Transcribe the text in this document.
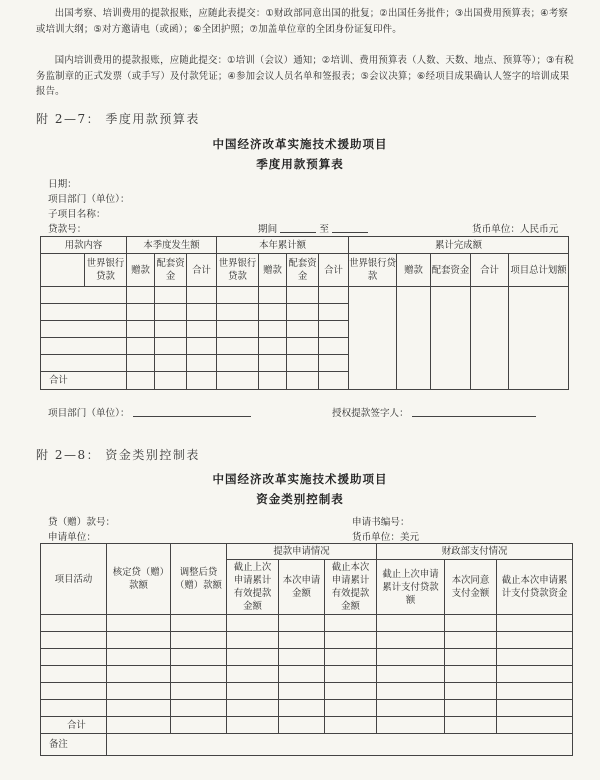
出国考察、培训费用的提款报账，应随此表提交：①财政部同意出国的批复；②出国任务批件；③出国费用预算表；④考察或培训大纲；⑤对方邀请电（或函）；⑥全团护照；⑦加盖单位章的全团身份证复印件。
国内培训费用的提款报账，应随此提交：①培训（会议）通知；②培训、费用预算表（人数、天数、地点、预算等）；③有税务监制章的正式发票（或手写）及付款凭证；④参加会议人员名单和签报表；⑤会议决算；⑥经项目成果确认人签字的培训成果报告。
附 2—7： 季度用款预算表
中国经济改革实施技术援助项目
季度用款预算表
日期：
项目部门（单位）：
子项目名称：
贷款号：	期间	至	货币单位：人民币元
用款内容		本季度发生额			本年累计额				累计完成额				
	世界银行贷款	赠款	配套资金	合计	世界银行贷款	赠款	配套资金	合计	世界银行贷款	赠款	配套资金	合计	项目总计划额

合计													
项目部门（单位）：	授权提款签字人：
附 2—8： 资金类别控制表
中国经济改革实施技术援助项目
资金类别控制表
贷（赠）款号：
申请单位：
申请书编号：
货币单位：美元
项目活动	核定贷（赠）款额	调整后贷（赠）款额	提款申请情况			财政部支付情况		
			截止上次申请累计有效提款金额	本次申请金额	截止本次申请累计有效提款金额	截止上次申请累计支付贷款额	本次同意支付金额	截止本次申请累计支付贷款资金

合计								
备注								
